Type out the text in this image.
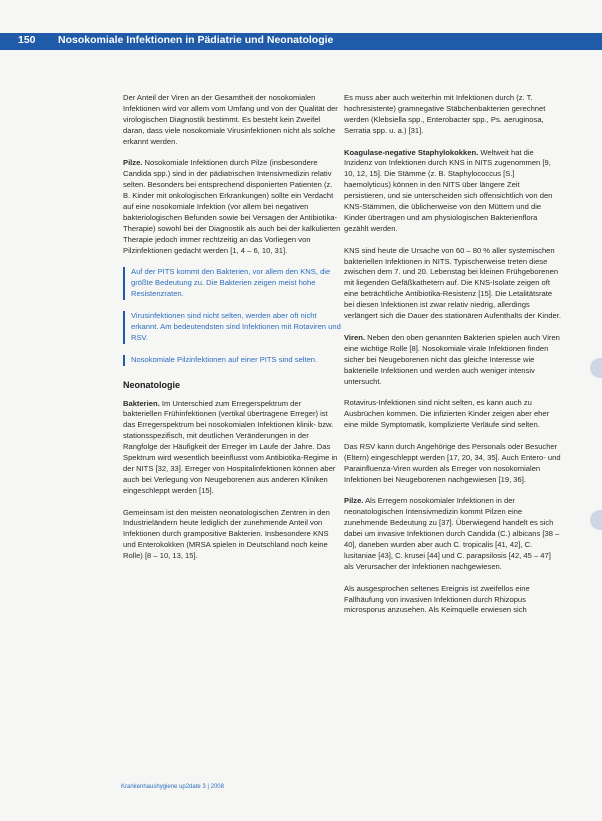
150 Nosokomiale Infektionen in Pädiatrie und Neonatologie

Der Anteil der Viren an der Gesamtheit der nosokomialen Infektionen wird vor allem vom Umfang und von der Qualität der virologischen Diagnostik bestimmt. Es besteht kein Zweifel daran, dass viele nosokomiale Virusinfektionen nicht als solche erkannt werden.

Pilze. Nosokomiale Infektionen durch Pilze (insbesondere Candida spp.) sind in der pädiatrischen Intensivmedizin relativ selten. Besonders bei entsprechend disponierten Patienten (z. B. Kinder mit onkologischen Erkrankungen) sollte ein Verdacht auf eine nosokomiale Infektion (vor allem bei negativen bakteriologischen Befunden sowie bei Versagen der Antibiotika-Therapie) sowohl bei der Diagnostik als auch bei der kalkulierten Therapie jedoch immer rechtzeitig an das Vorliegen von Pilzinfektionen gedacht werden [1, 4 – 6, 10, 31].

Auf der PITS kommt den Bakterien, vor allem den KNS, die größte Bedeutung zu. Die Bakterien zeigen meist hohe Resistenzraten.
Virusinfektionen sind nicht selten, werden aber oft nicht erkannt. Am bedeutendsten sind Infektionen mit Rotaviren und RSV.
Nosokomiale Pilzinfektionen auf einer PITS sind selten.
Neonatologie

Bakterien. Im Unterschied zum Erregerspektrum der bakteriellen Frühinfektionen (vertikal übertragene Erreger) ist das Erregerspektrum bei nosokomialen Infektionen klinik- bzw. stationsspezifisch, mit deutlichen Veränderungen in der Rangfolge der Häufigkeit der Erreger im Laufe der Jahre. Das Spektrum wird wesentlich beeinflusst vom Antibiotika-Regime in der NITS [32, 33]. Erreger von Hospitalinfektionen können aber auch bei Verlegung von Neugeborenen aus anderen Kliniken eingeschleppt werden [15].

Gemeinsam ist den meisten neonatologischen Zentren in den Industrieländern heute lediglich der zunehmende Anteil von Infektionen durch grampositive Bakterien. Insbesondere KNS und Enterokokken (MRSA spielen in Deutschland noch keine Rolle) [8 – 10, 13, 15].

Es muss aber auch weiterhin mit Infektionen durch (z. T. hochresistente) gramnegative Stäbchenbakterien gerechnet werden (Klebsiella spp., Enterobacter spp., Ps. aeruginosa, Serratia spp. u. a.) [31].

Koagulase-negative Staphylokokken. Weltweit hat die Inzidenz von Infektionen durch KNS in NITS zugenommen [9, 10, 12, 15]. Die Stämme (z. B. Staphylococcus [S.] haemolyticus) können in den NITS über längere Zeit persistieren, und sie unterscheiden sich offensichtlich von den KNS-Stämmen, die üblicherweise von den Müttern und die Kinder übertragen und am physiologischen Bakterienflora gezählt werden.

KNS sind heute die Ursache von 60 – 80 % aller systemischen bakteriellen Infektionen in NITS. Typischerweise treten diese zwischen dem 7. und 20. Lebenstag bei kleinen Frühgeborenen mit liegenden Gefäßkathetern auf. Die KNS-Isolate zeigen oft eine beträchtliche Antibiotika-Resistenz [15]. Die Letalitätsrate bei diesen Infektionen ist zwar relativ niedrig, allerdings verlängert sich die Dauer des stationären Aufenthalts der Kinder.

Viren. Neben den oben genannten Bakterien spielen auch Viren eine wichtige Rolle [8]. Nosokomiale virale Infektionen finden sicher bei Neugeborenen nicht das gleiche Interesse wie bakterielle Infektionen und werden auch weniger intensiv untersucht.

Rotavirus-Infektionen sind nicht selten, es kann auch zu Ausbrüchen kommen. Die infizierten Kinder zeigen aber eher eine milde Symptomatik, komplizierte Verläufe sind selten.

Das RSV kann durch Angehörige des Personals oder Besucher (Eltern) eingeschleppt werden [17, 20, 34, 35]. Auch Entero- und Parainfluenza-Viren wurden als Erreger von nosokomialen Infektionen bei Neugeborenen nachgewiesen [19, 36].

Pilze. Als Erregern nosokomialer Infektionen in der neonatologischen Intensivmedizin kommt Pilzen eine zunehmende Bedeutung zu [37]. Überwiegend handelt es sich dabei um invasive Infektionen durch Candida (C.) albicans [38 – 40], daneben wurden aber auch C. tropicalis [41, 42], C. lusitaniae [43], C. krusei [44] und C. parapsilosis [42, 45 – 47] als Verursacher der Infektionen nachgewiesen.

Als ausgesprochen seltenes Ereignis ist zweifellos eine Fallhäufung von invasiven Infektionen durch Rhizopus microsporus anzusehen. Als Keimquelle erwiesen sich

Krankenhaushygiene up2date 3 | 2008
